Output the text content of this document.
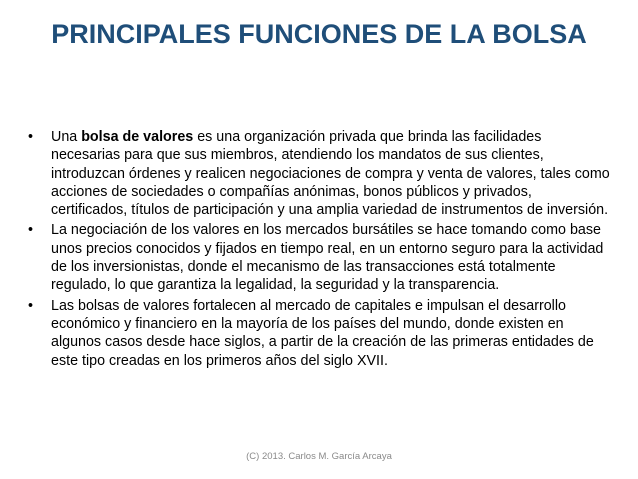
PRINCIPALES FUNCIONES DE LA BOLSA
•	Una bolsa de valores es una organización privada que brinda las facilidades necesarias para que sus miembros, atendiendo los mandatos de sus clientes, introduzcan órdenes y realicen negociaciones de compra y venta de valores, tales como acciones de sociedades o compañías anónimas, bonos públicos y privados, certificados, títulos de participación y una amplia variedad de instrumentos de inversión.
•	La negociación de los valores en los mercados bursátiles se hace tomando como base unos precios conocidos y fijados en tiempo real, en un entorno seguro para la actividad de los inversionistas, donde el mecanismo de las transacciones está totalmente regulado, lo que garantiza la legalidad, la seguridad y la transparencia.
•	Las bolsas de valores fortalecen al mercado de capitales e impulsan el desarrollo económico y financiero en la mayoría de los países del mundo, donde existen en algunos casos desde hace siglos, a partir de la creación de las primeras entidades de este tipo creadas en los primeros años del siglo XVII.
(C) 2013. Carlos M. García Arcaya
